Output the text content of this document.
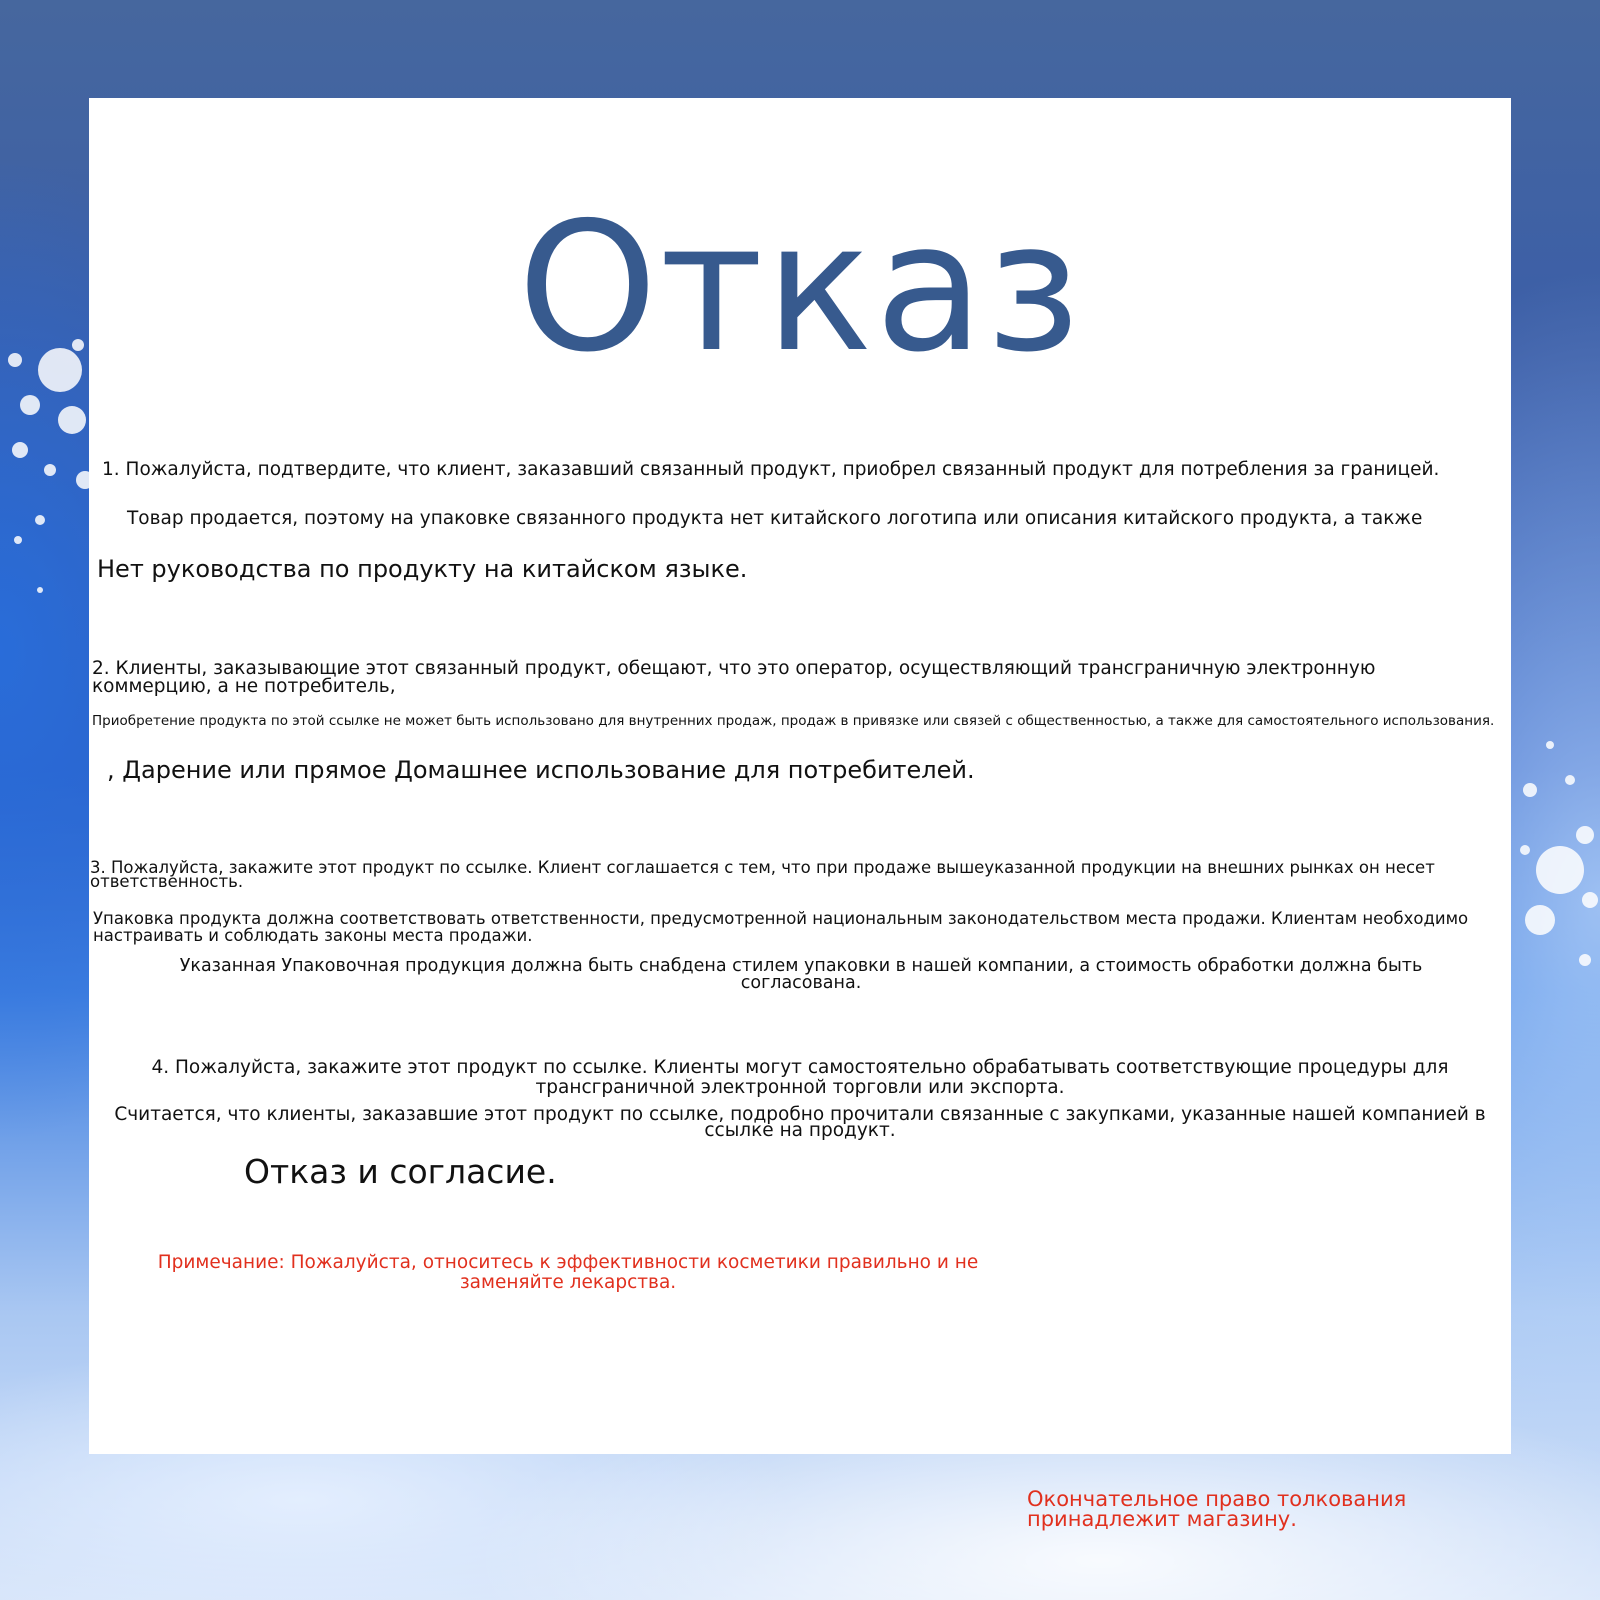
Отказ
1. Пожалуйста, подтвердите, что клиент, заказавший связанный продукт, приобрел связанный продукт для потребления за границей.
Товар продается, поэтому на упаковке связанного продукта нет китайского логотипа или описания китайского продукта, а также
Нет руководства по продукту на китайском языке.
2. Клиенты, заказывающие этот связанный продукт, обещают, что это оператор, осуществляющий трансграничную электронную коммерцию, а не потребитель,
Приобретение продукта по этой ссылке не может быть использовано для внутренних продаж, продаж в привязке или связей с общественностью, а также для самостоятельного использования.
, Дарение или прямое Домашнее использование для потребителей.
3. Пожалуйста, закажите этот продукт по ссылке. Клиент соглашается с тем, что при продаже вышеуказанной продукции на внешних рынках он несет ответственность.
Упаковка продукта должна соответствовать ответственности, предусмотренной национальным законодательством места продажи. Клиентам необходимо настраивать и соблюдать законы места продажи.
Указанная Упаковочная продукция должна быть снабдена стилем упаковки в нашей компании, а стоимость обработки должна быть согласована.
4. Пожалуйста, закажите этот продукт по ссылке. Клиенты могут самостоятельно обрабатывать соответствующие процедуры для трансграничной электронной торговли или экспорта.
Считается, что клиенты, заказавшие этот продукт по ссылке, подробно прочитали связанные с закупками, указанные нашей компанией в ссылке на продукт.
Отказ и согласие.
Примечание: Пожалуйста, относитесь к эффективности косметики правильно и не заменяйте лекарства.
Окончательное право толкования принадлежит магазину.
